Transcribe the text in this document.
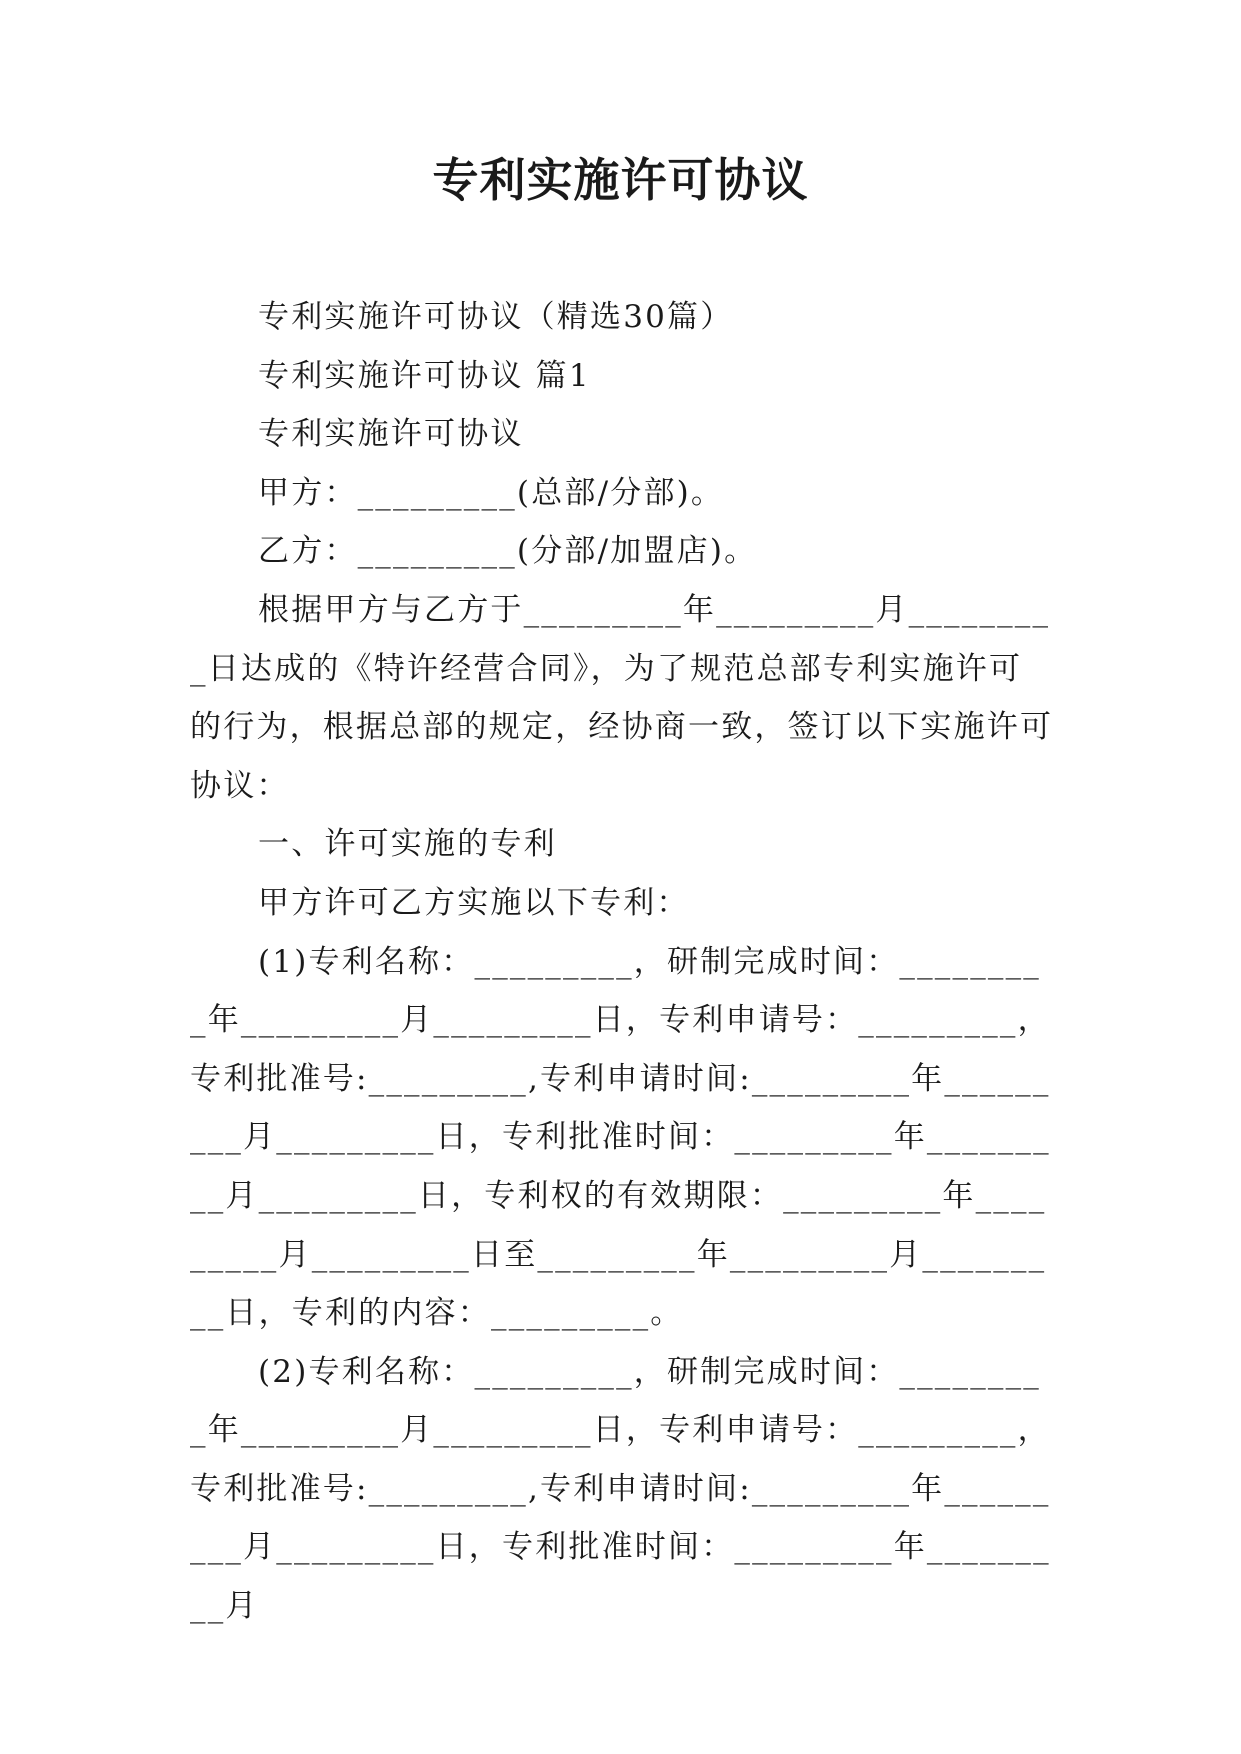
专利实施许可协议

专利实施许可协议（精选30篇）

专利实施许可协议 篇1

专利实施许可协议

甲方：_________(总部/分部)。

乙方：_________(分部/加盟店)。

根据甲方与乙方于_________年_________月_________日达成的《特许经营合同》，为了规范总部专利实施许可的行为，根据总部的规定，经协商一致，签订以下实施许可协议：

一、许可实施的专利

甲方许可乙方实施以下专利：

(1)专利名称：_________，研制完成时间：_________年_________月_________日，专利申请号：_________，专利批准号:_________,专利申请时间:_________年_________月_________日，专利批准时间：_________年_________月_________日，专利权的有效期限：_________年_________月_________日至_________年_________月_________日，专利的内容：_________。

(2)专利名称：_________，研制完成时间：_________年_________月_________日，专利申请号：_________，专利批准号:_________,专利申请时间:_________年_________月_________日，专利批准时间：_________年_________月
